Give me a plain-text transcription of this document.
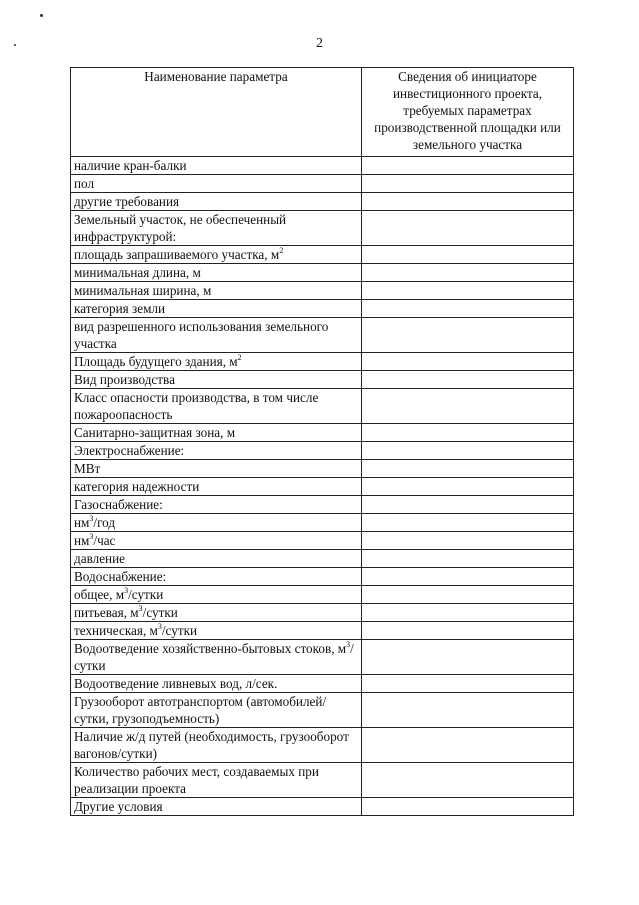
2
Наименование параметра	Сведения об инициаторе инвестиционного проекта, требуемых параметрах производственной площадки или земельного участка
наличие кран-балки	
пол	
другие требования	
Земельный участок, не обеспеченный инфраструктурой:	
площадь запрашиваемого участка, $м^2$	
минимальная длина, м	
минимальная ширина, м	
категория земли	
вид разрешенного использования земельного участка	
Площадь будущего здания, $м^2$	
Вид производства	
Класс опасности производства, в том числе пожароопасность	
Санитарно-защитная зона, м	
Электроснабжение:	
МВт	
категория надежности	
Газоснабжение:	
$нм^3$/год	
$нм^3$/час	
давление	
Водоснабжение:	
общее, $м^3$/сутки	
питьевая, $м^3$/сутки	
техническая, $м^3$/сутки	
Водоотведение хозяйственно-бытовых стоков, $м^3$/сутки	
Водоотведение ливневых вод, л/сек.	
Грузооборот автотранспортом (автомобилей/сутки, грузоподъемность)	
Наличие ж/д путей (необходимость, грузооборот вагонов/сутки)	
Количество рабочих мест, создаваемых при реализации проекта	
Другие условия	
